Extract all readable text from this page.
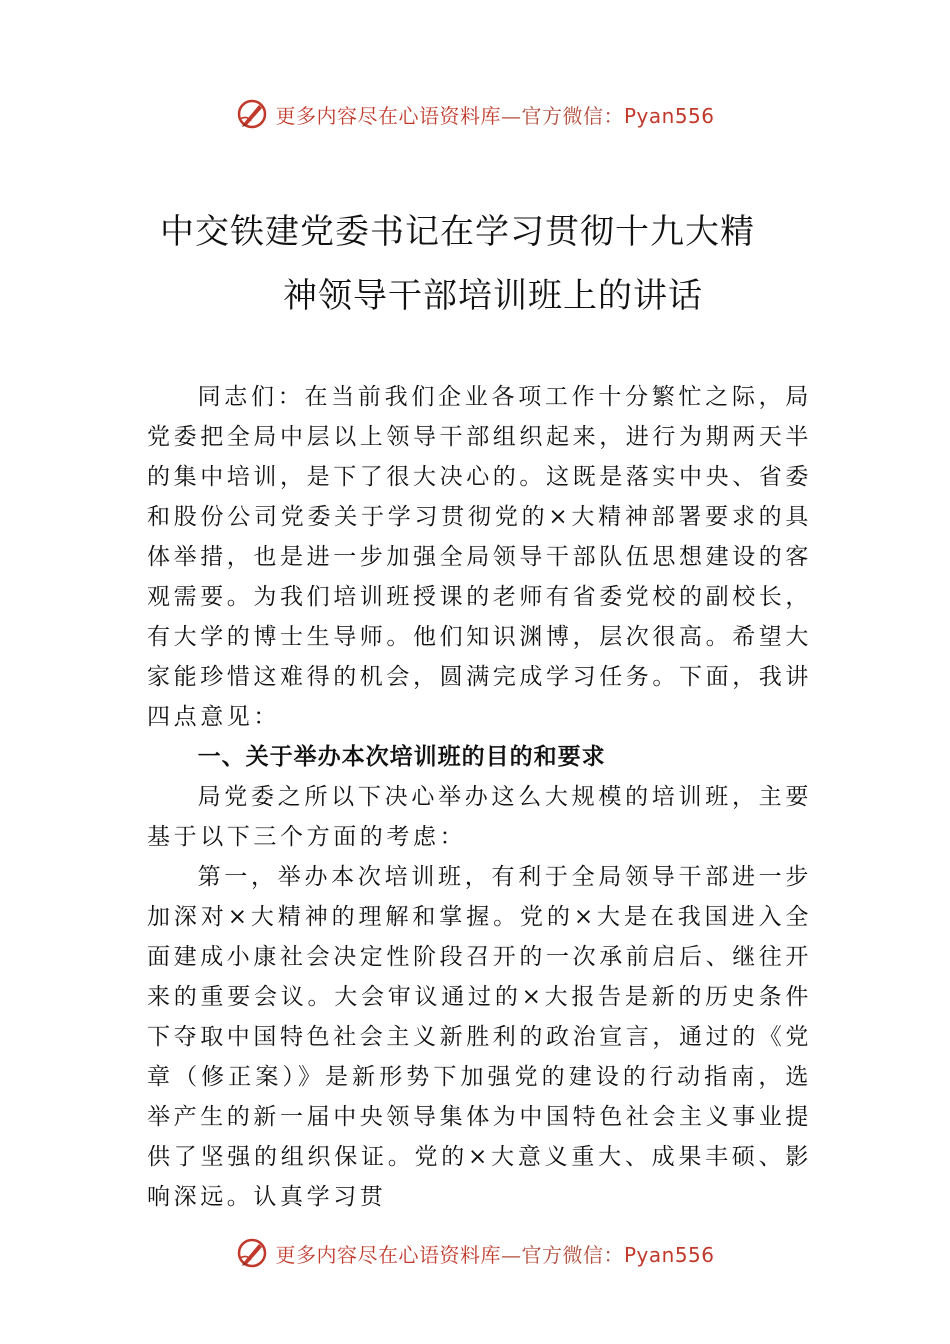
更多内容尽在心语资料库—官方微信：Pyan556
中交铁建党委书记在学习贯彻十九大精
神领导干部培训班上的讲话

同志们：在当前我们企业各项工作十分繁忙之际，局党委把全局中层以上领导干部组织起来，进行为期两天半的集中培训，是下了很大决心的。这既是落实中央、省委和股份公司党委关于学习贯彻党的×大精神部署要求的具体举措，也是进一步加强全局领导干部队伍思想建设的客观需要。为我们培训班授课的老师有省委党校的副校长，有大学的博士生导师。他们知识渊博，层次很高。希望大家能珍惜这难得的机会，圆满完成学习任务。下面，我讲四点意见：

一、关于举办本次培训班的目的和要求

局党委之所以下决心举办这么大规模的培训班，主要基于以下三个方面的考虑：

第一，举办本次培训班，有利于全局领导干部进一步加深对×大精神的理解和掌握。党的×大是在我国进入全面建成小康社会决定性阶段召开的一次承前启后、继往开来的重要会议。大会审议通过的×大报告是新的历史条件下夺取中国特色社会主义新胜利的政治宣言，通过的《党章（修正案）》是新形势下加强党的建设的行动指南，选举产生的新一届中央领导集体为中国特色社会主义事业提供了坚强的组织保证。党的×大意义重大、成果丰硕、影响深远。认真学习贯

更多内容尽在心语资料库—官方微信：Pyan556
